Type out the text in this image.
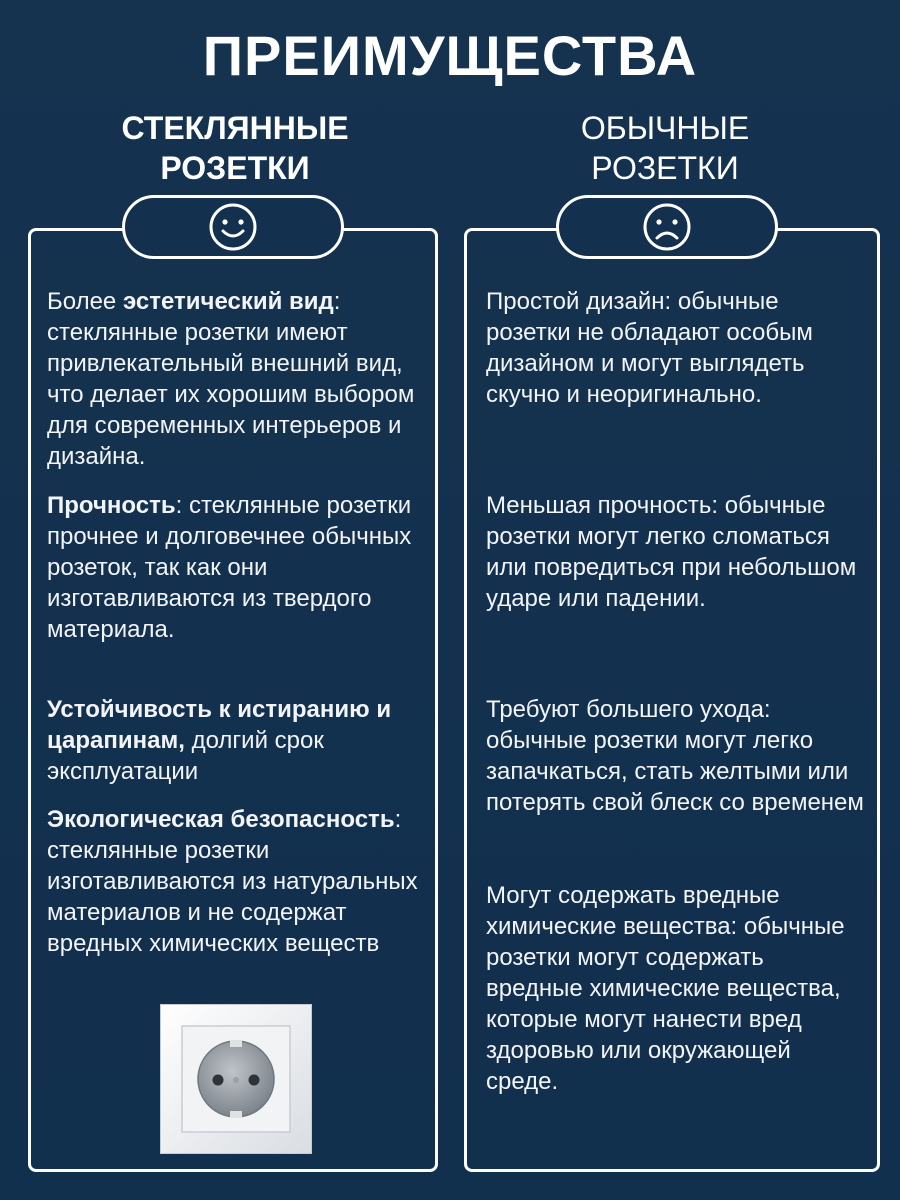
ПРЕИМУЩЕСТВА
СТЕКЛЯННЫЕ
РОЗЕТКИ
ОБЫЧНЫЕ
РОЗЕТКИ
Более эстетический вид: стеклянные розетки имеют привлекательный внешний вид, что делает их хорошим выбором для современных интерьеров и дизайна.
Прочность: стеклянные розетки прочнее и долговечнее обычных розеток, так как они изготавливаются из твердого материала.
Устойчивость к истиранию и царапинам, долгий срок эксплуатации
Экологическая безопасность: стеклянные розетки изготавливаются из натуральных материалов и не содержат вредных химических веществ
Простой дизайн: обычные розетки не обладают особым дизайном и могут выглядеть скучно и неоригинально.
Меньшая прочность: обычные розетки могут легко сломаться или повредиться при небольшом ударе или падении.
Требуют большего ухода: обычные розетки могут легко запачкаться, стать желтыми или потерять свой блеск со временем
Могут содержать вредные химические вещества: обычные розетки могут содержать вредные химические вещества, которые могут нанести вред здоровью или окружающей среде.
